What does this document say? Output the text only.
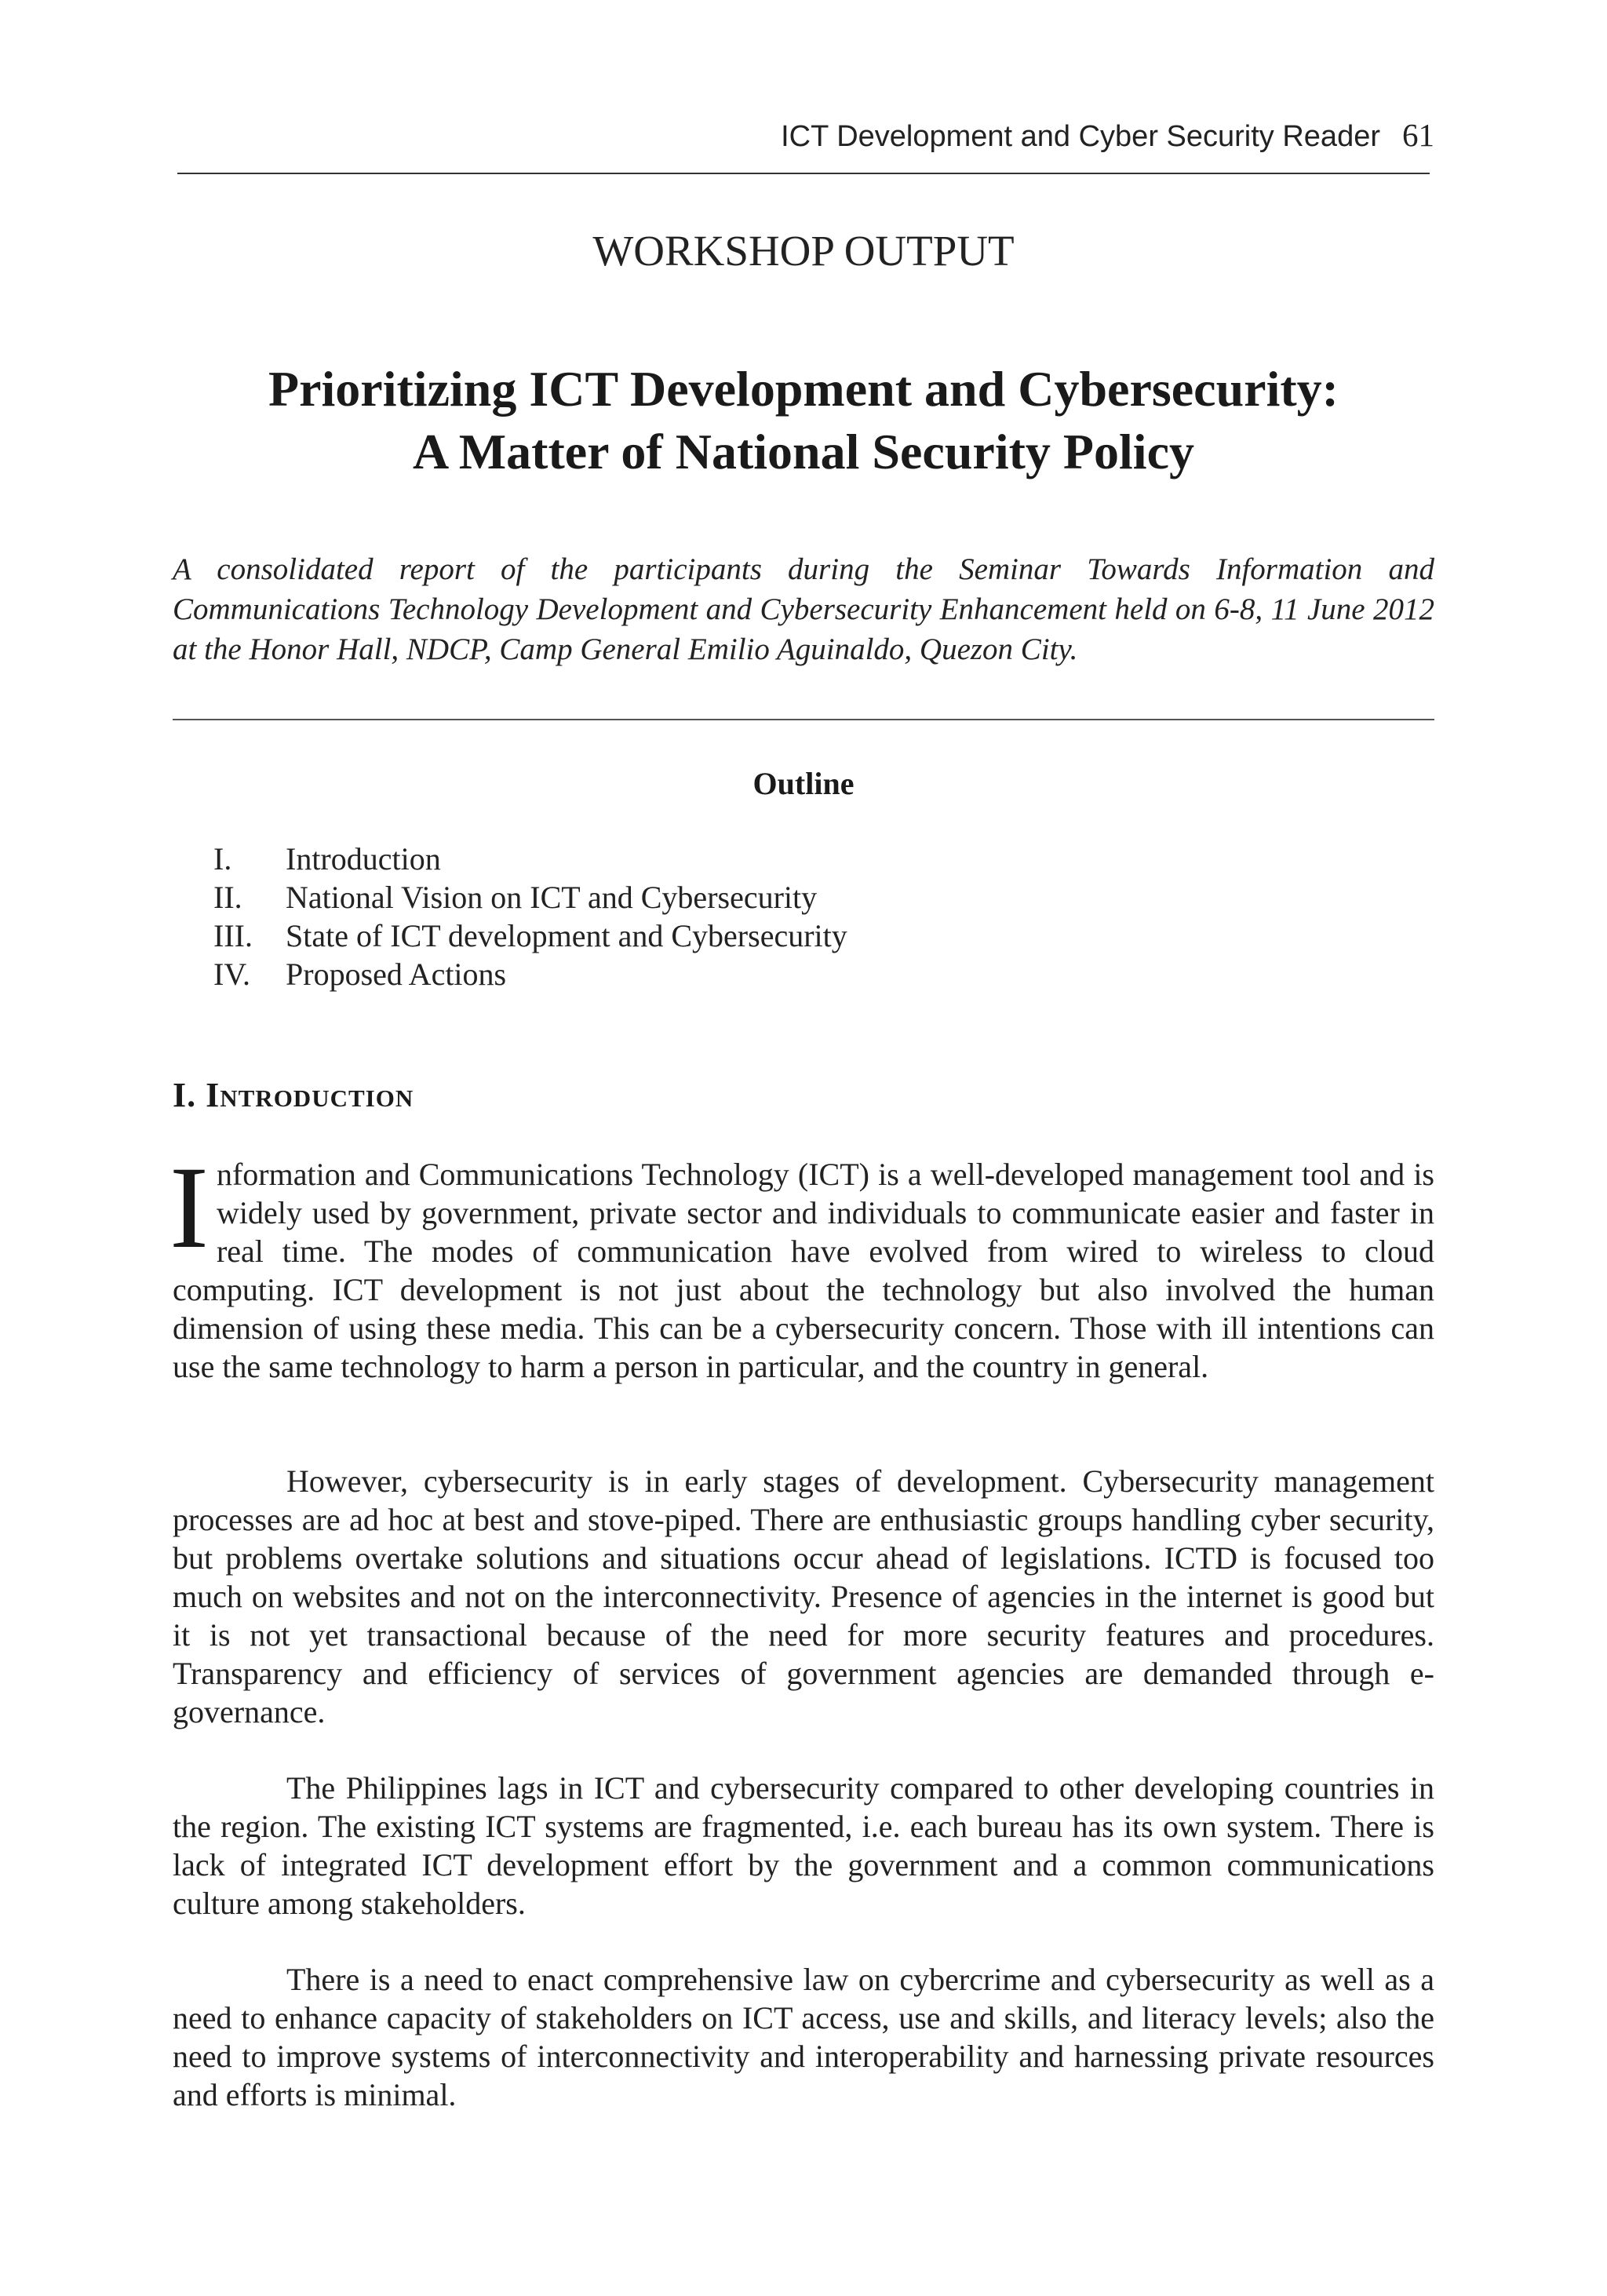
ICT Development and Cyber Security Reader 61
WORKSHOP OUTPUT
Prioritizing ICT Development and Cybersecurity:
A Matter of National Security Policy
A consolidated report of the participants during the Seminar Towards Information and Communications Technology Development and Cybersecurity Enhancement held on 6-8, 11 June 2012 at the Honor Hall, NDCP, Camp General Emilio Aguinaldo, Quezon City.
Outline
I.	Introduction
II.	National Vision on ICT and Cybersecurity
III.	State of ICT development and Cybersecurity
IV.	Proposed Actions
I. Introduction

Information and Communications Technology (ICT) is a well-developed management tool and is widely used by government, private sector and individuals to communicate easier and faster in real time. The modes of communication have evolved from wired to wireless to cloud computing. ICT development is not just about the technology but also involved the human dimension of using these media. This can be a cybersecurity concern. Those with ill intentions can use the same technology to harm a person in particular, and the country in general.

However, cybersecurity is in early stages of development. Cybersecurity management processes are ad hoc at best and stove-piped. There are enthusiastic groups handling cyber security, but problems overtake solutions and situations occur ahead of legislations. ICTD is focused too much on websites and not on the interconnectivity. Presence of agencies in the internet is good but it is not yet transactional because of the need for more security features and procedures. Transparency and efficiency of services of government agencies are demanded through e-governance.

The Philippines lags in ICT and cybersecurity compared to other developing countries in the region. The existing ICT systems are fragmented, i.e. each bureau has its own system. There is lack of integrated ICT development effort by the government and a common communications culture among stakeholders.

There is a need to enact comprehensive law on cybercrime and cybersecurity as well as a need to enhance capacity of stakeholders on ICT access, use and skills, and literacy levels; also the need to improve systems of interconnectivity and interoperability and harnessing private resources and efforts is minimal.
